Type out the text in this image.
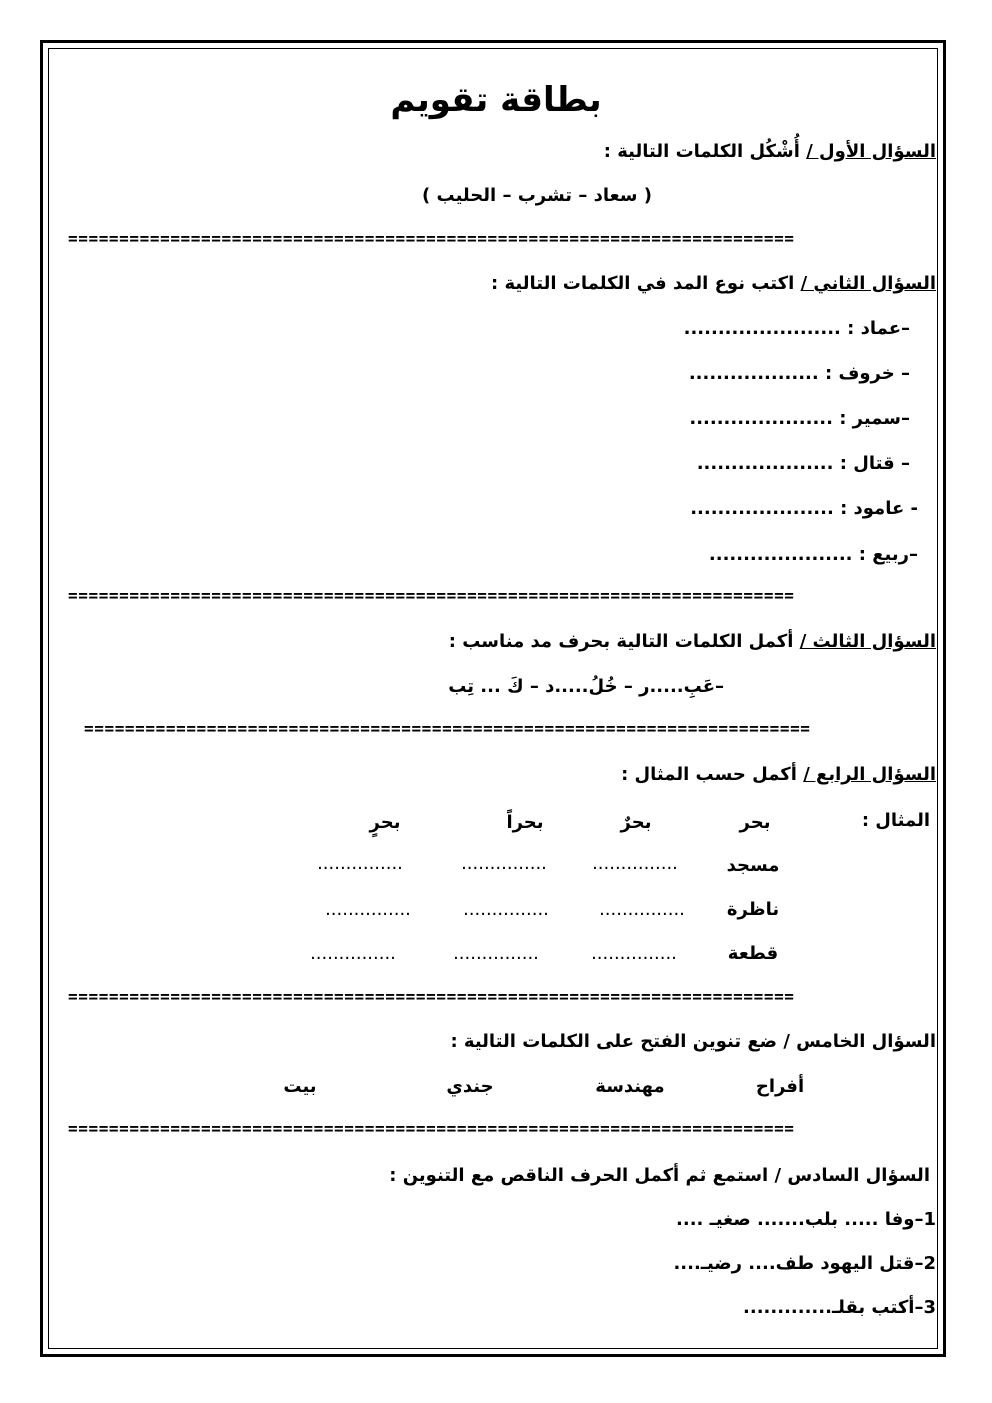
بطاقة تقويم
السؤال الأول / أُشْكُل الكلمات التالية :
( سعاد – تشرب – الحليب )
=======================================================================
السؤال الثاني / اكتب نوع المد في الكلمات التالية :
–عماد : .......................
– خروف : ...................
–سمير : .....................
– قتال : ....................
- عامود : .....................
–ربيع : .....................
=======================================================================
السؤال الثالث / أكمل الكلمات التالية بحرف مد مناسب :
–عَبِ.....ر – خُلُ.....د – كَ ... تِب
=======================================================================
السؤال الرابع / أكمل حسب المثال :
المثال :
بحر
بحرٌ
بحراً
بحرٍ
مسجد
...............
...............
...............
ناظرة
...............
...............
...............
قطعة
...............
...............
...............
=======================================================================
السؤال الخامس / ضع تنوين الفتح على الكلمات التالية :
أفراح
مهندسة
جندي
بيت
=======================================================================
السؤال السادس / استمع ثم أكمل الحرف الناقص مع التنوين :
1–وفا ..... بلب....... صغيـ ....
2–قتل اليهود طف.... رضيـ....
3–أكتب بقلـ.............
